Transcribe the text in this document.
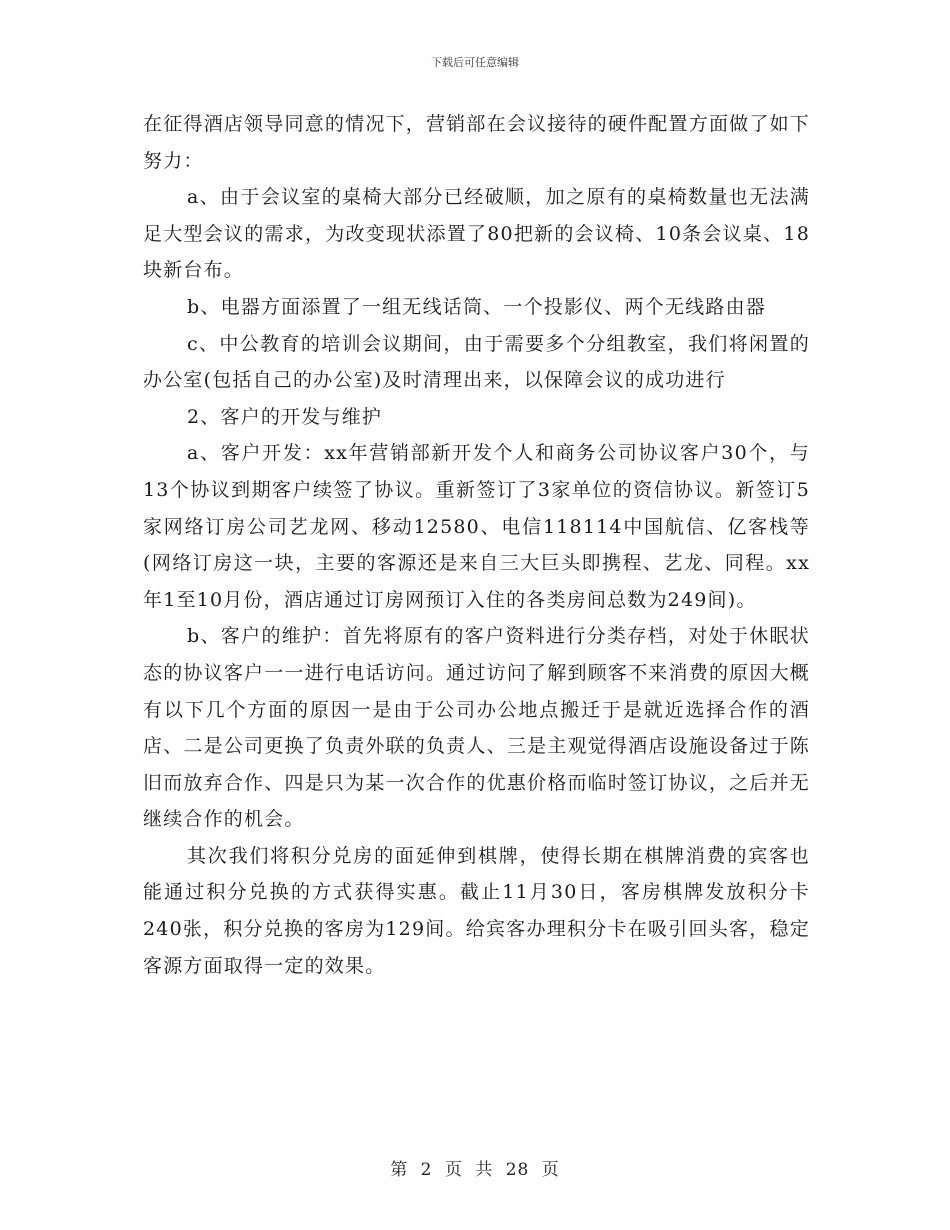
下载后可任意编辑

在征得酒店领导同意的情况下，营销部在会议接待的硬件配置方面做了如下努力：

a、由于会议室的桌椅大部分已经破顺，加之原有的桌椅数量也无法满足大型会议的需求，为改变现状添置了80把新的会议椅、10条会议桌、18块新台布。

b、电器方面添置了一组无线话筒、一个投影仪、两个无线路由器

c、中公教育的培训会议期间，由于需要多个分组教室，我们将闲置的办公室(包括自己的办公室)及时清理出来，以保障会议的成功进行

2、客户的开发与维护

a、客户开发：xx年营销部新开发个人和商务公司协议客户30个，与13个协议到期客户续签了协议。重新签订了3家单位的资信协议。新签订5家网络订房公司艺龙网、移动12580、电信118114中国航信、亿客栈等(网络订房这一块，主要的客源还是来自三大巨头即携程、艺龙、同程。xx年1至10月份，酒店通过订房网预订入住的各类房间总数为249间)。

b、客户的维护：首先将原有的客户资料进行分类存档，对处于休眠状态的协议客户一一进行电话访问。通过访问了解到顾客不来消费的原因大概有以下几个方面的原因一是由于公司办公地点搬迁于是就近选择合作的酒店、二是公司更换了负责外联的负责人、三是主观觉得酒店设施设备过于陈旧而放弃合作、四是只为某一次合作的优惠价格而临时签订协议，之后并无继续合作的机会。

其次我们将积分兑房的面延伸到棋牌，使得长期在棋牌消费的宾客也能通过积分兑换的方式获得实惠。截止11月30日，客房棋牌发放积分卡240张，积分兑换的客房为129间。给宾客办理积分卡在吸引回头客，稳定客源方面取得一定的效果。

第 2 页 共 28 页
